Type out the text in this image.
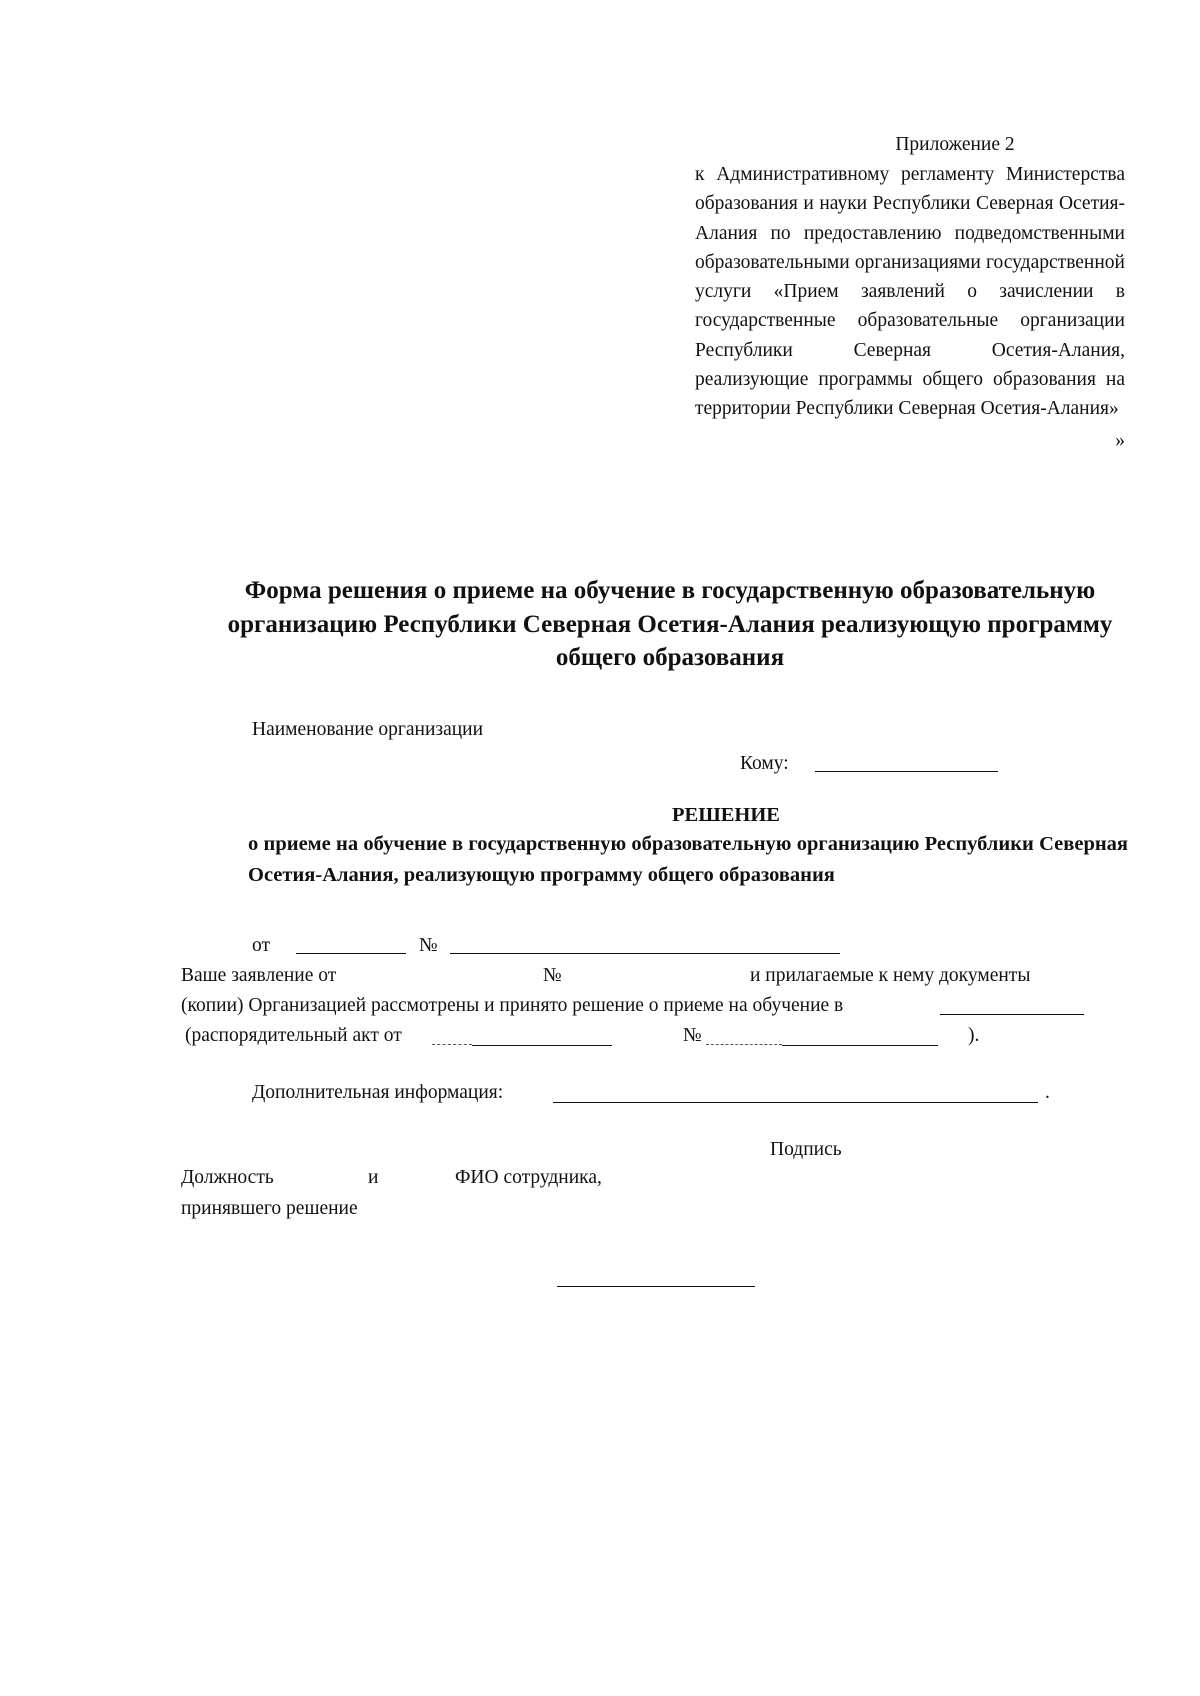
Приложение 2
к Административному регламенту Министерства образования и науки Республики Северная Осетия-Алания по предоставлению подведомственными образовательными организациями государственной услуги «Прием заявлений о зачислении в государственные образовательные организации Республики Северная Осетия-Алания, реализующие программы общего образования на территории Республики Северная Осетия-Алания»
»
Форма решения о приеме на обучение в государственную образовательную организацию Республики Северная Осетия-Алания реализующую программу общего образования
Наименование организации
Кому:
РЕШЕНИЕ
о приеме на обучение в государственную образовательную организацию Республики Северная Осетия-Алания, реализующую программу общего образования
от	№
Ваше заявление от	№	и прилагаемые к нему документы
(копии) Организацией рассмотрены и принято решение о приеме на обучение в
(распорядительный акт от	№	).
Дополнительная информация:	.
Подпись
Должность	и	ФИО сотрудника,
принявшего решение
